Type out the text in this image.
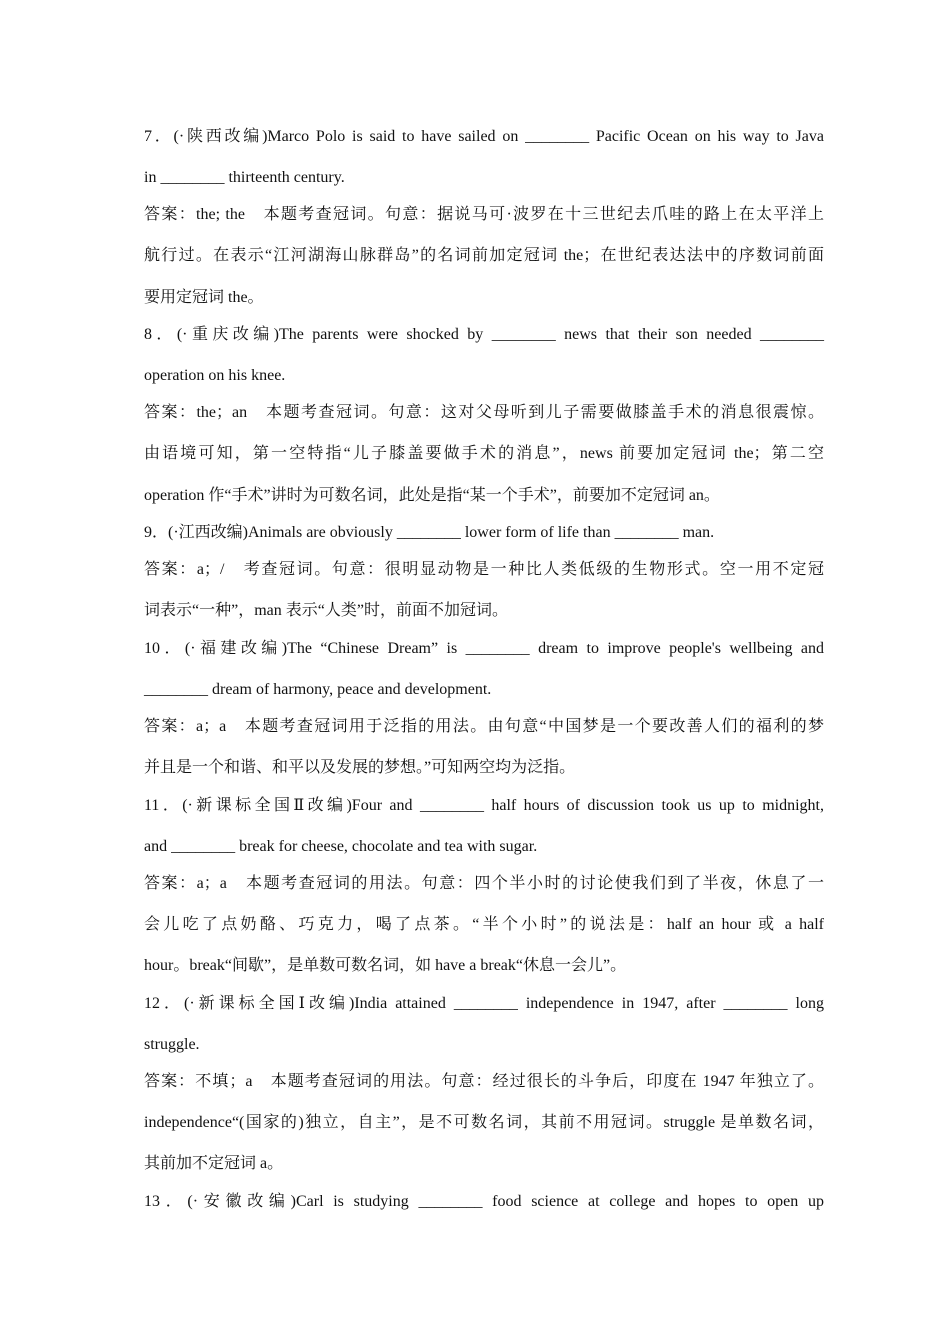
7．(·陕西改编)Marco Polo is said to have sailed on ________ Pacific Ocean on his way to Java
in ________ thirteenth century.
答案：the; the　本题考查冠词。句意：据说马可·波罗在十三世纪去爪哇的路上在太平洋上
航行过。在表示“江河湖海山脉群岛”的名词前加定冠词 the；在世纪表达法中的序数词前面
要用定冠词 the。
8．(·重庆改编)The parents were shocked by ________ news that their son needed ________
operation on his knee.
答案：the；an　本题考查冠词。句意：这对父母听到儿子需要做膝盖手术的消息很震惊。
由语境可知，第一空特指“儿子膝盖要做手术的消息”，news 前要加定冠词 the；第二空
operation 作“手术”讲时为可数名词，此处是指“某一个手术”，前要加不定冠词 an。
9．(·江西改编)Animals are obviously ________ lower form of life than ________ man.
答案：a；/　考查冠词。句意：很明显动物是一种比人类低级的生物形式。空一用不定冠
词表示“一种”，man 表示“人类”时，前面不加冠词。
10．(·福建改编)The “Chinese Dream” is ________ dream to improve people's wellbeing and
________ dream of harmony, peace and development.
答案：a；a　本题考查冠词用于泛指的用法。由句意“中国梦是一个要改善人们的福利的梦
并且是一个和谐、和平以及发展的梦想。”可知两空均为泛指。
11．(·新课标全国Ⅱ改编)Four and ________ half hours of discussion took us up to midnight,
and ________ break for cheese, chocolate and tea with sugar.
答案：a；a　本题考查冠词的用法。句意：四个半小时的讨论使我们到了半夜，休息了一
会儿吃了点奶酪、巧克力，喝了点茶。“半个小时”的说法是：half an hour 或 a half
hour。break“间歇”，是单数可数名词，如 have a break“休息一会儿”。
12．(·新课标全国Ⅰ改编)India attained ________ independence in 1947, after ________ long
struggle.
答案：不填；a　本题考查冠词的用法。句意：经过很长的斗争后，印度在 1947 年独立了。
independence“(国家的)独立，自主”，是不可数名词，其前不用冠词。struggle 是单数名词，
其前加不定冠词 a。
13．(·安徽改编)Carl is studying ________ food science at college and hopes to open up
